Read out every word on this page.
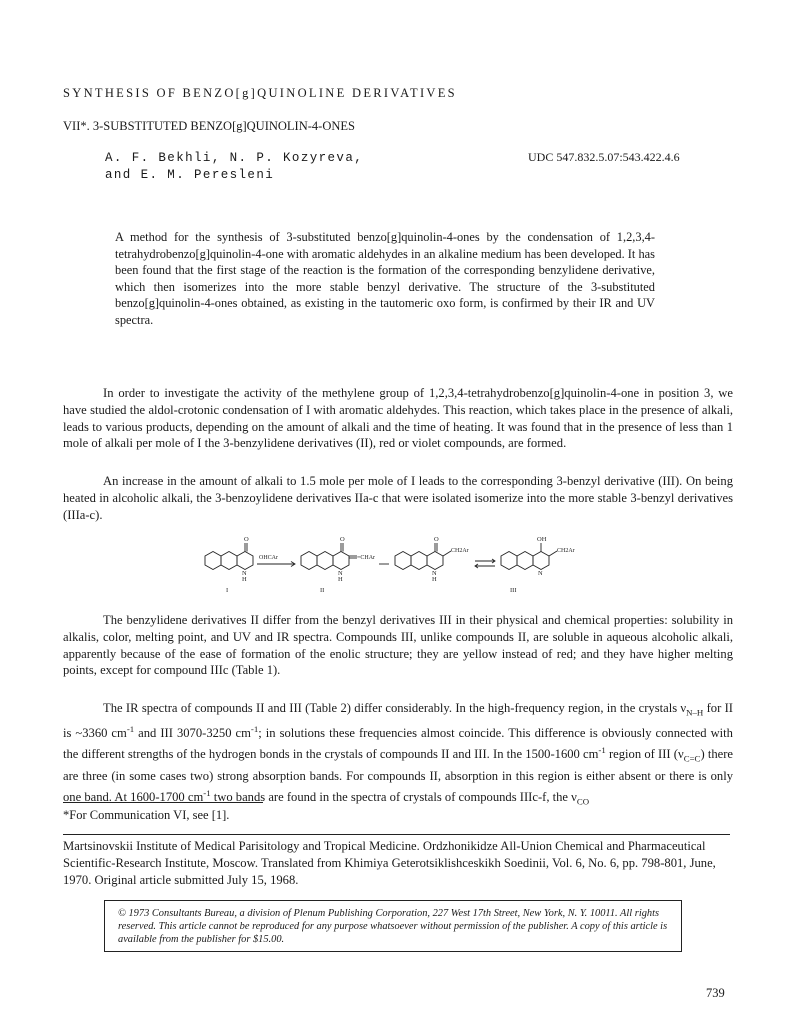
SYNTHESIS OF BENZO[g]QUINOLINE DERIVATIVES
VII*. 3-SUBSTITUTED BENZO[g]QUINOLIN-4-ONES
A. F. Bekhli, N. P. Kozyreva,
and E. M. Peresleni
UDC 547.832.5.07:543.422.4.6
A method for the synthesis of 3-substituted benzo[g]quinolin-4-ones by the condensation of 1,2,3,4-tetrahydrobenzo[g]quinolin-4-one with aromatic aldehydes in an alkaline medium has been developed. It has been found that the first stage of the reaction is the formation of the corresponding benzylidene derivative, which then isomerizes into the more stable benzyl derivative. The structure of the 3-substituted benzo[g]quinolin-4-ones obtained, as existing in the tautomeric oxo form, is confirmed by their IR and UV spectra.

In order to investigate the activity of the methylene group of 1,2,3,4-tetrahydrobenzo[g]quinolin-4-one in position 3, we have studied the aldol-crotonic condensation of I with aromatic aldehydes. This reaction, which takes place in the presence of alkali, leads to various products, depending on the amount of alkali and the time of heating. It was found that in the presence of less than 1 mole of alkali per mole of I the 3-benzylidene derivatives (II), red or violet compounds, are formed.

An increase in the amount of alkali to 1.5 mole per mole of I leads to the corresponding 3-benzyl derivative (III). On being heated in alcoholic alkali, the 3-benzoylidene derivatives IIa-c that were isolated isomerize into the more stable 3-benzyl derivatives (IIIa-c).

O
OHCAr
N
H
I
O
=CHAr
N
H
II
O
CH2Ar
N
H
OH
CH2Ar
N
III

The benzylidene derivatives II differ from the benzyl derivatives III in their physical and chemical properties: solubility in alkalis, color, melting point, and UV and IR spectra. Compounds III, unlike compounds II, are soluble in aqueous alcoholic alkali, apparently because of the ease of formation of the enolic structure; they are yellow instead of red; and they have higher melting points, except for compound IIIc (Table 1).

The IR spectra of compounds II and III (Table 2) differ considerably. In the high-frequency region, in the crystals $\nu_{N-H}$ for II is ~3360 $cm^{-1}$ and III 3070-3250 $cm^{-1}$; in solutions these frequencies almost coincide. This difference is obviously connected with the different strengths of the hydrogen bonds in the crystals of compounds II and III. In the 1500-1600 $cm^{-1}$ region of III $(\nu_{C=C})$ there are three (in some cases two) strong absorption bands. For compounds II, absorption in this region is either absent or there is only one band. At 1600-1700 $cm^{-1}$ two bands are found in the spectra of crystals of compounds IIIc-f, the $\nu_{CO}$

*For Communication VI, see [1].
Martsinovskii Institute of Medical Parisitology and Tropical Medicine. Ordzhonikidze All-Union Chemical and Pharmaceutical Scientific-Research Institute, Moscow. Translated from Khimiya Geterotsiklishceskikh Soedinii, Vol. 6, No. 6, pp. 798-801, June, 1970. Original article submitted July 15, 1968.
© 1973 Consultants Bureau, a division of Plenum Publishing Corporation, 227 West 17th Street, New York, N. Y. 10011. All rights reserved. This article cannot be reproduced for any purpose whatsoever without permission of the publisher. A copy of this article is available from the publisher for $15.00.
739
